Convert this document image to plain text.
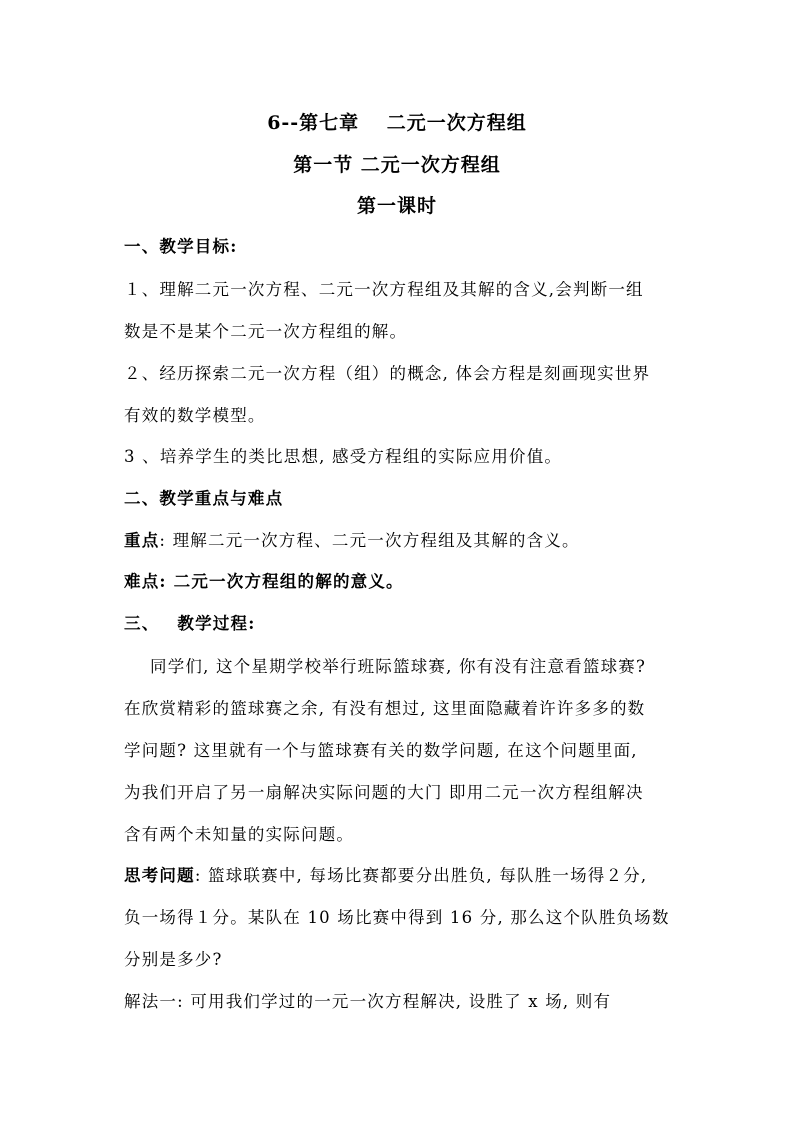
6--第七章　 二元一次方程组
第一节 二元一次方程组
第一课时
一、教学目标:
１、理解二元一次方程、二元一次方程组及其解的含义,会判断一组
数是不是某个二元一次方程组的解。
２、经历探索二元一次方程（组）的概念, 体会方程是刻画现实世界
有效的数学模型。
3 、培养学生的类比思想, 感受方程组的实际应用价值。
二、教学重点与难点
重点: 理解二元一次方程、二元一次方程组及其解的含义。
难点: 二元一次方程组的解的意义。
三、 教学过程:
同学们, 这个星期学校举行班际篮球赛, 你有没有注意看篮球赛?
在欣赏精彩的篮球赛之余, 有没有想过, 这里面隐藏着许许多多的数
学问题? 这里就有一个与篮球赛有关的数学问题, 在这个问题里面,
为我们开启了另一扇解决实际问题的大门 即用二元一次方程组解决
含有两个未知量的实际问题。
思考问题: 篮球联赛中, 每场比赛都要分出胜负, 每队胜一场得２分,
负一场得１分。某队在 10 场比赛中得到 16 分, 那么这个队胜负场数
分别是多少?
解法一: 可用我们学过的一元一次方程解决, 设胜了 x 场, 则有
